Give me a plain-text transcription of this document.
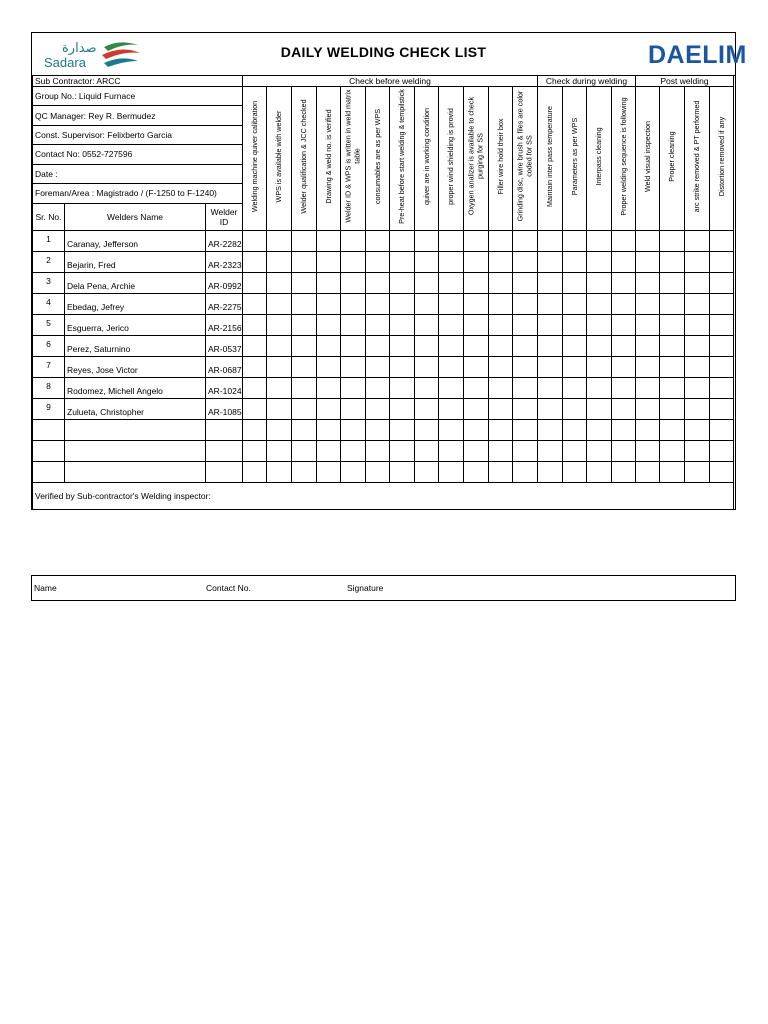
صدارة
Sadara
DAILY WELDING CHECK LIST	DAELIM
Sub Contractor: ARCC			Check before welding												Check during welding				Post welding			
Group No.: Liquid Furnace			Welding machine quiver calibration	WPS is available with welder	Welder qualification & JCC checked	Drawing & weld no. is verified	Welder ID & WPS is written in weld matrix table	consumables are as per WPS	Pre-heat before start welding & tempilstick	quiver are in working condition	proper wind shielding is provid	Oxygen analizer is available to check purging for SS	Filler wire hold their box	Grinding disc, wire brush & files are color coded for SS	Maintain inter pass temperature	Parameters as per WPS	Interpass cleaning	Proper welding sequence is following	Weld visual inspection	Proper cleaning	arc strike removed & PT performed	Distortion removed if any

QC Manager: Rey R. Bermudez																						
Const. Supervisor: Felixberto Garcia																						
Contact No: 0552-727596																						
Date :																						
Foreman/Area : Magistrado / (F-1250 to F-1240)																						
Sr. No.	Welders Name	Welder ID																				
1	Caranay, Jefferson	AR-2282																				
2	Bejarin, Fred	AR-2323																				
3	Dela Pena, Archie	AR-0992																				
4	Ebedag, Jefrey	AR-2275																				
5	Esguerra, Jerico	AR-2156																				
6	Perez, Saturnino	AR-0537																				
7	Reyes, Jose Victor	AR-0687																				
8	Rodomez, Michell Angelo	AR-1024																				
9	Zulueta, Christopher	AR-1085																				

Verified by Sub-contractor's Welding inspector:																						
Name	Contact No.	Signature
